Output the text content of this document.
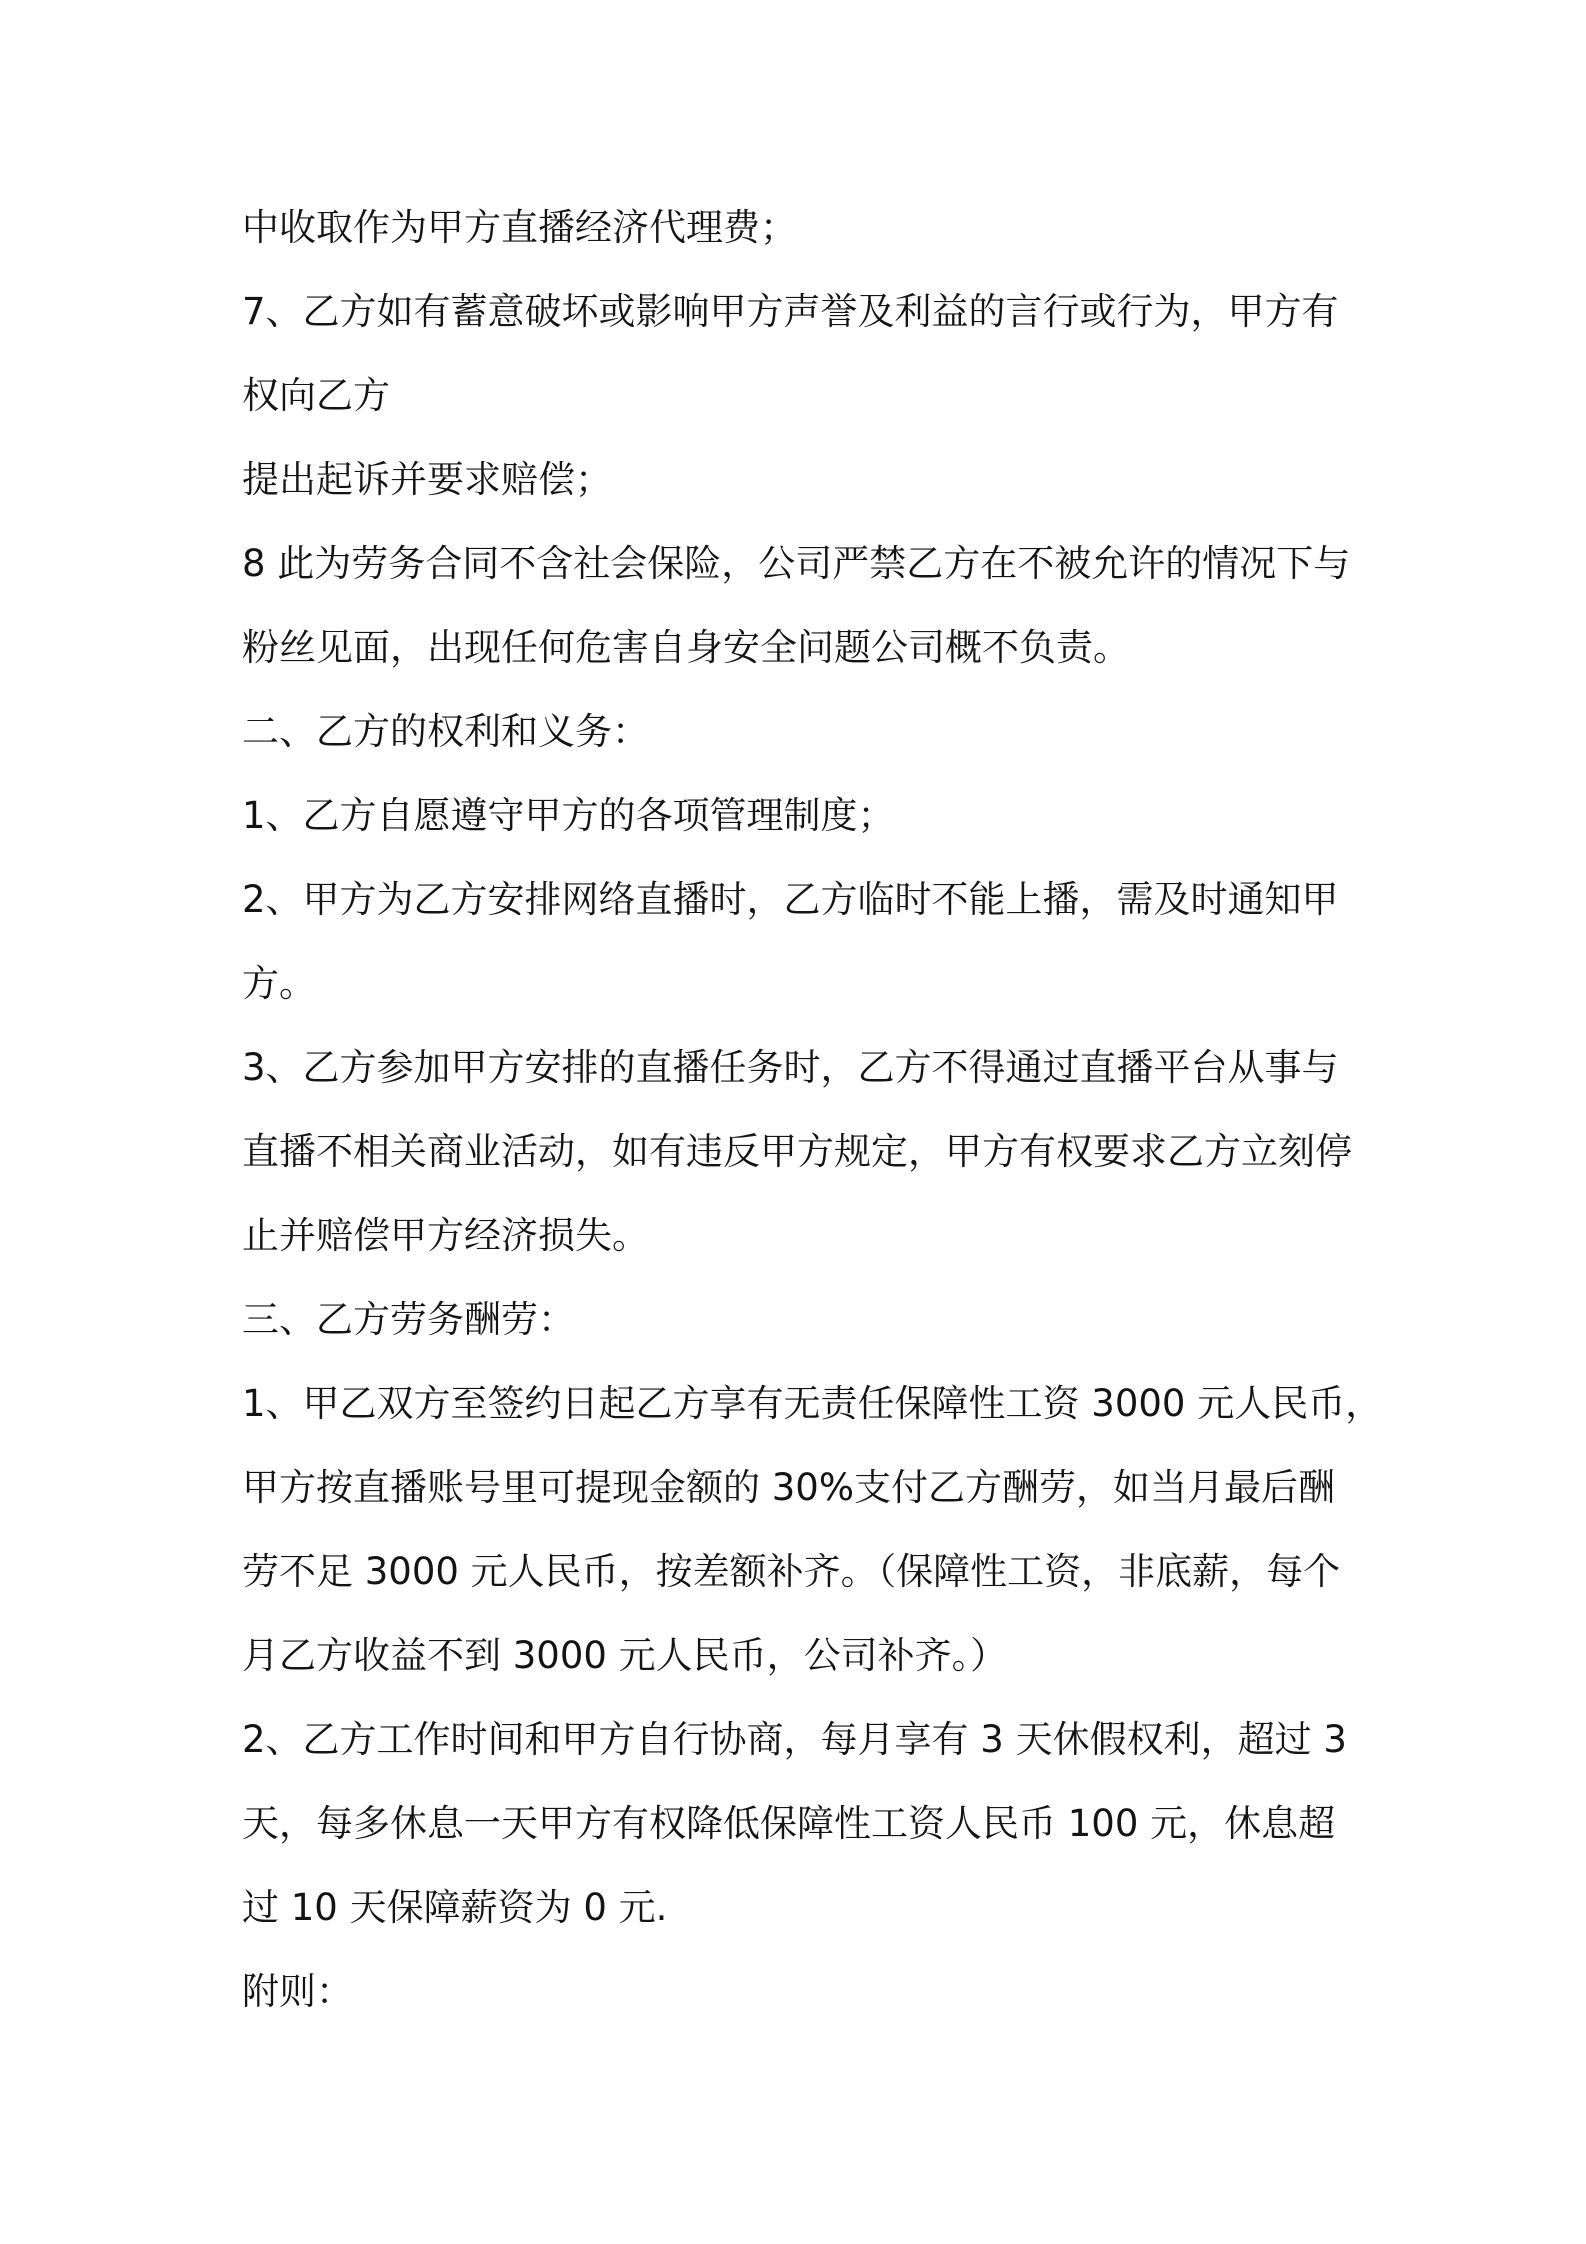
中收取作为甲方直播经济代理费；
7、乙方如有蓄意破坏或影响甲方声誉及利益的言行或行为，甲方有
权向乙方
提出起诉并要求赔偿；
8 此为劳务合同不含社会保险，公司严禁乙方在不被允许的情况下与
粉丝见面，出现任何危害自身安全问题公司概不负责。
二、乙方的权利和义务：
1、乙方自愿遵守甲方的各项管理制度；
2、甲方为乙方安排网络直播时，乙方临时不能上播，需及时通知甲
方。
3、乙方参加甲方安排的直播任务时，乙方不得通过直播平台从事与
直播不相关商业活动，如有违反甲方规定，甲方有权要求乙方立刻停
止并赔偿甲方经济损失。
三、乙方劳务酬劳：
1、甲乙双方至签约日起乙方享有无责任保障性工资 3000 元人民币，
甲方按直播账号里可提现金额的 30%支付乙方酬劳，如当月最后酬
劳不足 3000 元人民币，按差额补齐。（保障性工资，非底薪，每个
月乙方收益不到 3000 元人民币，公司补齐。）
2、乙方工作时间和甲方自行协商，每月享有 3 天休假权利，超过 3
天，每多休息一天甲方有权降低保障性工资人民币 100 元，休息超
过 10 天保障薪资为 0 元.
附则：
